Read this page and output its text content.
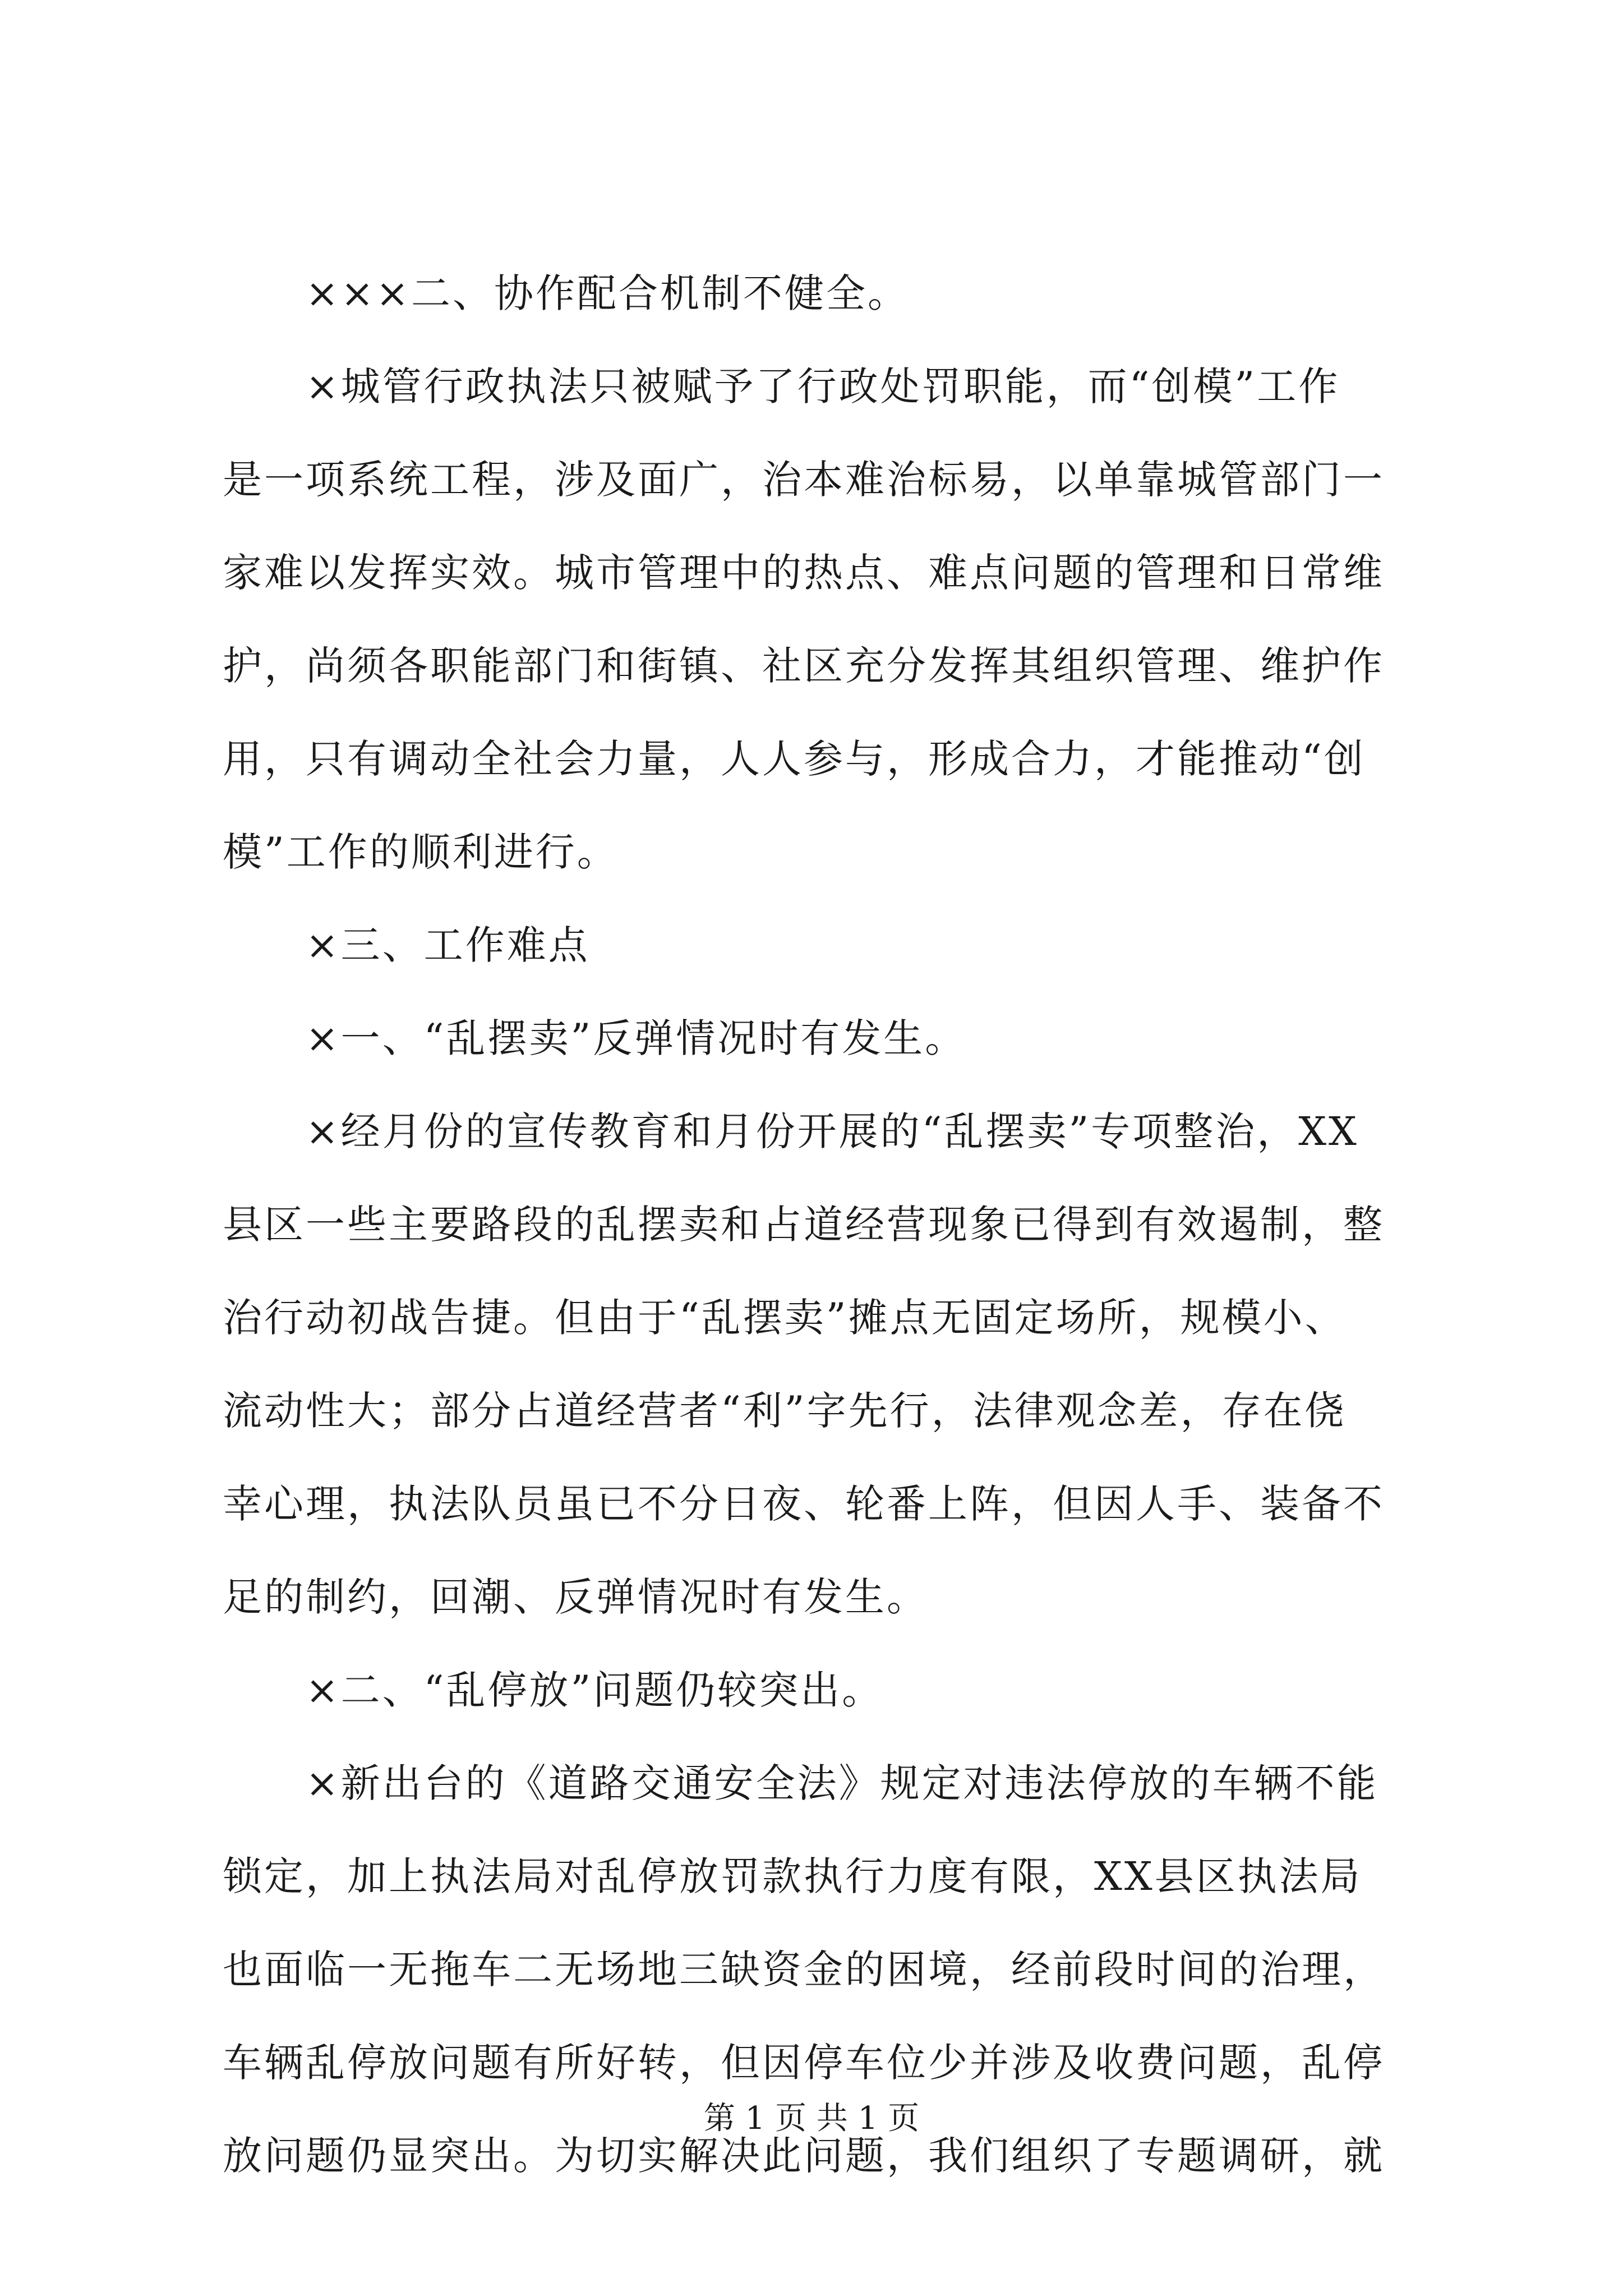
×××二、协作配合机制不健全。
×城管行政执法只被赋予了行政处罚职能，而“创模”工作
是一项系统工程，涉及面广，治本难治标易，以单靠城管部门一
家难以发挥实效。城市管理中的热点、难点问题的管理和日常维
护，尚须各职能部门和街镇、社区充分发挥其组织管理、维护作
用，只有调动全社会力量，人人参与，形成合力，才能推动“创
模”工作的顺利进行。
×三、工作难点
×一、“乱摆卖”反弹情况时有发生。
×经月份的宣传教育和月份开展的“乱摆卖”专项整治，XX
县区一些主要路段的乱摆卖和占道经营现象已得到有效遏制，整
治行动初战告捷。但由于“乱摆卖”摊点无固定场所，规模小、
流动性大；部分占道经营者“利”字先行，法律观念差，存在侥
幸心理，执法队员虽已不分日夜、轮番上阵，但因人手、装备不
足的制约，回潮、反弹情况时有发生。
×二、“乱停放”问题仍较突出。
×新出台的《道路交通安全法》规定对违法停放的车辆不能
锁定，加上执法局对乱停放罚款执行力度有限，XX县区执法局
也面临一无拖车二无场地三缺资金的困境，经前段时间的治理，
车辆乱停放问题有所好转，但因停车位少并涉及收费问题，乱停
放问题仍显突出。为切实解决此问题，我们组织了专题调研，就
第 1 页 共 1 页
